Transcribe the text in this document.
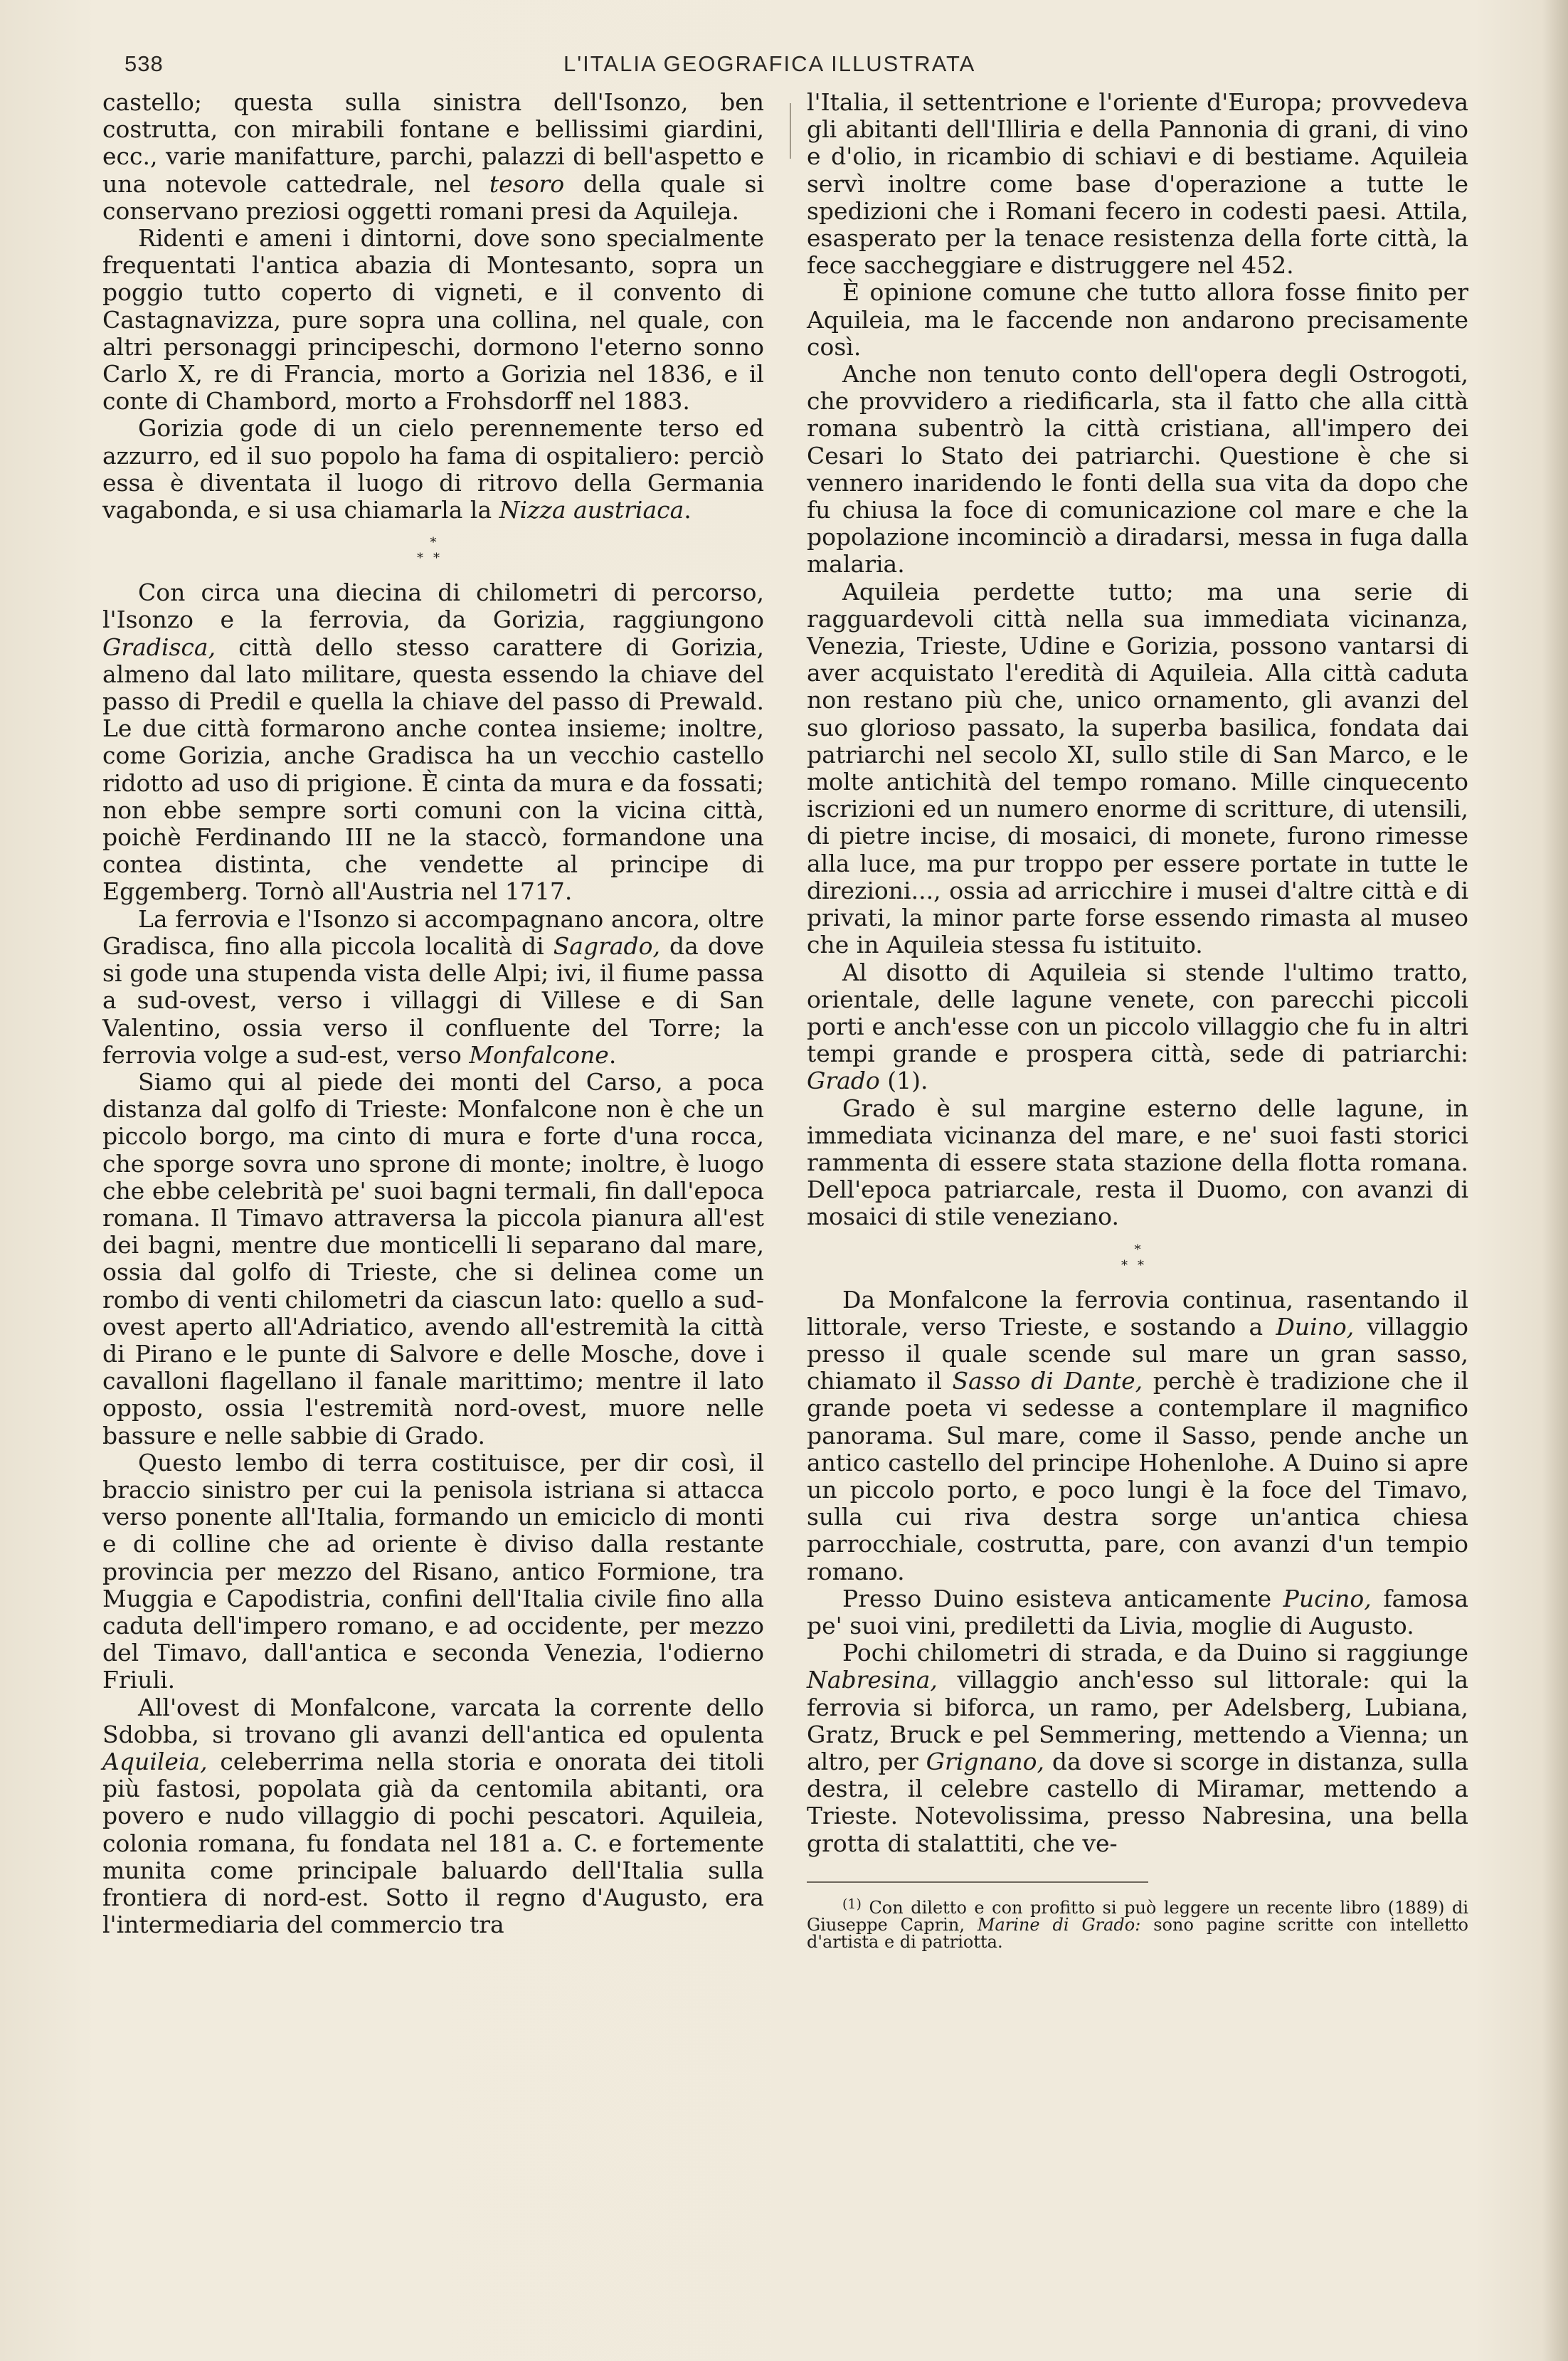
538	L'ITALIA GEOGRAFICA ILLUSTRATA

castello; questa sulla sinistra dell'Isonzo, ben costrutta, con mirabili fontane e bellissimi giardini, ecc., varie manifatture, parchi, palazzi di bell'aspetto e una notevole cattedrale, nel tesoro della quale si conservano preziosi oggetti romani presi da Aquileja.

Ridenti e ameni i dintorni, dove sono specialmente frequentati l'antica abazia di Montesanto, sopra un poggio tutto coperto di vigneti, e il convento di Castagnavizza, pure sopra una collina, nel quale, con altri personaggi principeschi, dormono l'eterno sonno Carlo X, re di Francia, morto a Gorizia nel 1836, e il conte di Chambord, morto a Frohsdorff nel 1883.

Gorizia gode di un cielo perennemente terso ed azzurro, ed il suo popolo ha fama di ospitaliero: perciò essa è diventata il luogo di ritrovo della Germania vagabonda, e si usa chiamarla la Nizza austriaca.

*
**

Con circa una diecina di chilometri di percorso, l'Isonzo e la ferrovia, da Gorizia, raggiungono Gradisca, città dello stesso carattere di Gorizia, almeno dal lato militare, questa essendo la chiave del passo di Predil e quella la chiave del passo di Prewald. Le due città formarono anche contea insieme; inoltre, come Gorizia, anche Gradisca ha un vecchio castello ridotto ad uso di prigione. È cinta da mura e da fossati; non ebbe sempre sorti comuni con la vicina città, poichè Ferdinando III ne la staccò, formandone una contea distinta, che vendette al principe di Eggemberg. Tornò all'Austria nel 1717.

La ferrovia e l'Isonzo si accompagnano ancora, oltre Gradisca, fino alla piccola località di Sagrado, da dove si gode una stupenda vista delle Alpi; ivi, il fiume passa a sud-ovest, verso i villaggi di Villese e di San Valentino, ossia verso il confluente del Torre; la ferrovia volge a sud-est, verso Monfalcone.

Siamo qui al piede dei monti del Carso, a poca distanza dal golfo di Trieste: Monfalcone non è che un piccolo borgo, ma cinto di mura e forte d'una rocca, che sporge sovra uno sprone di monte; inoltre, è luogo che ebbe celebrità pe' suoi bagni termali, fin dall'epoca romana. Il Timavo attraversa la piccola pianura all'est dei bagni, mentre due monticelli li separano dal mare, ossia dal golfo di Trieste, che si delinea come un rombo di venti chilometri da ciascun lato: quello a sud-ovest aperto all'Adriatico, avendo all'estremità la città di Pirano e le punte di Salvore e delle Mosche, dove i cavalloni flagellano il fanale marittimo; mentre il lato opposto, ossia l'estremità nord-ovest, muore nelle bassure e nelle sabbie di Grado.

Questo lembo di terra costituisce, per dir così, il braccio sinistro per cui la penisola istriana si attacca verso ponente all'Italia, formando un emiciclo di monti e di colline che ad oriente è diviso dalla restante provincia per mezzo del Risano, antico Formione, tra Muggia e Capodistria, confini dell'Italia civile fino alla caduta dell'impero romano, e ad occidente, per mezzo del Timavo, dall'antica e seconda Venezia, l'odierno Friuli.

All'ovest di Monfalcone, varcata la corrente dello Sdobba, si trovano gli avanzi dell'antica ed opulenta Aquileia, celeberrima nella storia e onorata dei titoli più fastosi, popolata già da centomila abitanti, ora povero e nudo villaggio di pochi pescatori. Aquileia, colonia romana, fu fondata nel 181 a. C. e fortemente munita come principale baluardo dell'Italia sulla frontiera di nord-est. Sotto il regno d'Augusto, era l'intermediaria del commercio tra

l'Italia, il settentrione e l'oriente d'Europa; provvedeva gli abitanti dell'Illiria e della Pannonia di grani, di vino e d'olio, in ricambio di schiavi e di bestiame. Aquileia servì inoltre come base d'operazione a tutte le spedizioni che i Romani fecero in codesti paesi. Attila, esasperato per la tenace resistenza della forte città, la fece saccheggiare e distruggere nel 452.

È opinione comune che tutto allora fosse finito per Aquileia, ma le faccende non andarono precisamente così.

Anche non tenuto conto dell'opera degli Ostrogoti, che provvidero a riedificarla, sta il fatto che alla città romana subentrò la città cristiana, all'impero dei Cesari lo Stato dei patriarchi. Questione è che si vennero inaridendo le fonti della sua vita da dopo che fu chiusa la foce di comunicazione col mare e che la popolazione incominciò a diradarsi, messa in fuga dalla malaria.

Aquileia perdette tutto; ma una serie di ragguardevoli città nella sua immediata vicinanza, Venezia, Trieste, Udine e Gorizia, possono vantarsi di aver acquistato l'eredità di Aquileia. Alla città caduta non restano più che, unico ornamento, gli avanzi del suo glorioso passato, la superba basilica, fondata dai patriarchi nel secolo XI, sullo stile di San Marco, e le molte antichità del tempo romano. Mille cinquecento iscrizioni ed un numero enorme di scritture, di utensili, di pietre incise, di mosaici, di monete, furono rimesse alla luce, ma pur troppo per essere portate in tutte le direzioni..., ossia ad arricchire i musei d'altre città e di privati, la minor parte forse essendo rimasta al museo che in Aquileia stessa fu istituito.

Al disotto di Aquileia si stende l'ultimo tratto, orientale, delle lagune venete, con parecchi piccoli porti e anch'esse con un piccolo villaggio che fu in altri tempi grande e prospera città, sede di patriarchi: Grado (1).

Grado è sul margine esterno delle lagune, in immediata vicinanza del mare, e ne' suoi fasti storici rammenta di essere stata stazione della flotta romana. Dell'epoca patriarcale, resta il Duomo, con avanzi di mosaici di stile veneziano.

*
**

Da Monfalcone la ferrovia continua, rasentando il littorale, verso Trieste, e sostando a Duino, villaggio presso il quale scende sul mare un gran sasso, chiamato il Sasso di Dante, perchè è tradizione che il grande poeta vi sedesse a contemplare il magnifico panorama. Sul mare, come il Sasso, pende anche un antico castello del principe Hohenlohe. A Duino si apre un piccolo porto, e poco lungi è la foce del Timavo, sulla cui riva destra sorge un'antica chiesa parrocchiale, costrutta, pare, con avanzi d'un tempio romano.

Presso Duino esisteva anticamente Pucino, famosa pe' suoi vini, prediletti da Livia, moglie di Augusto.

Pochi chilometri di strada, e da Duino si raggiunge Nabresina, villaggio anch'esso sul littorale: qui la ferrovia si biforca, un ramo, per Adelsberg, Lubiana, Gratz, Bruck e pel Semmering, mettendo a Vienna; un altro, per Grignano, da dove si scorge in distanza, sulla destra, il celebre castello di Miramar, mettendo a Trieste. Notevolissima, presso Nabresina, una bella grotta di stalattiti, che ve-

$^{(1)}$ Con diletto e con profitto si può leggere un recente libro (1889) di Giuseppe Caprin, Marine di Grado: sono pagine scritte con intelletto d'artista e di patriotta.
